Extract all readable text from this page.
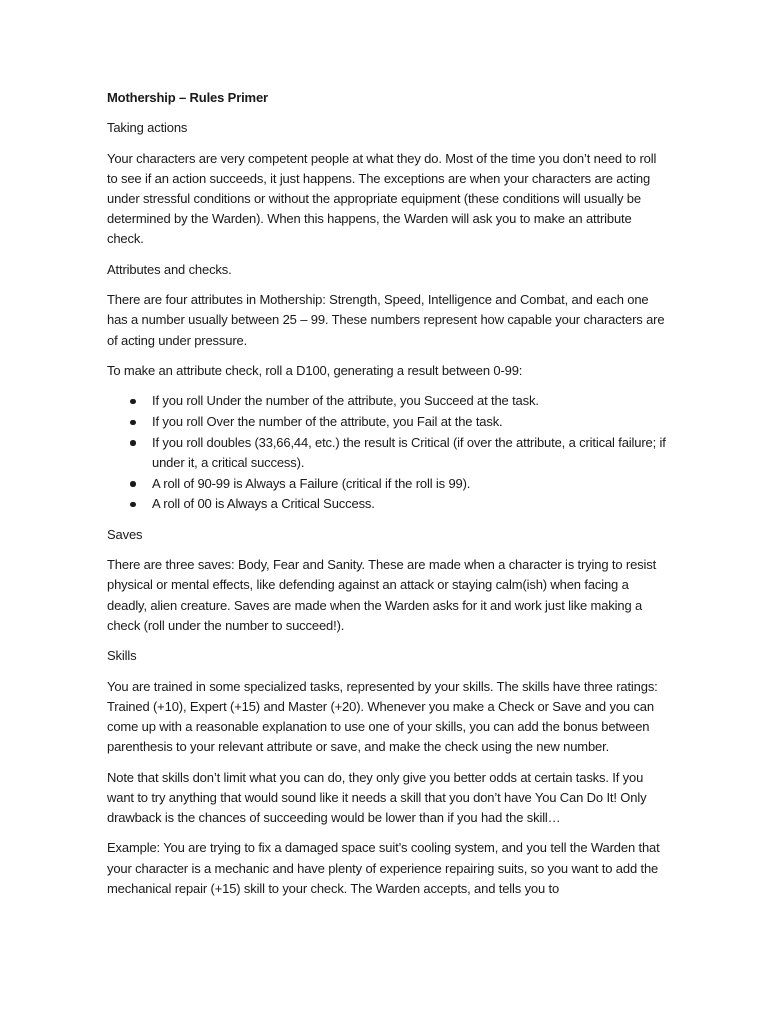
Mothership – Rules Primer

Taking actions

Your characters are very competent people at what they do. Most of the time you don’t need to roll to see if an action succeeds, it just happens. The exceptions are when your characters are acting under stressful conditions or without the appropriate equipment (these conditions will usually be determined by the Warden). When this happens, the Warden will ask you to make an attribute check.

Attributes and checks.

There are four attributes in Mothership: Strength, Speed, Intelligence and Combat, and each one has a number usually between 25 – 99. These numbers represent how capable your characters are of acting under pressure.

To make an attribute check, roll a D100, generating a result between 0-99:

If you roll Under the number of the attribute, you Succeed at the task.
If you roll Over the number of the attribute, you Fail at the task.
If you roll doubles (33,66,44, etc.) the result is Critical (if over the attribute, a critical failure; if under it, a critical success).
A roll of 90-99 is Always a Failure (critical if the roll is 99).
A roll of 00 is Always a Critical Success.

Saves

There are three saves: Body, Fear and Sanity. These are made when a character is trying to resist physical or mental effects, like defending against an attack or staying calm(ish) when facing a deadly, alien creature. Saves are made when the Warden asks for it and work just like making a check (roll under the number to succeed!).

Skills

You are trained in some specialized tasks, represented by your skills. The skills have three ratings: Trained (+10), Expert (+15) and Master (+20). Whenever you make a Check or Save and you can come up with a reasonable explanation to use one of your skills, you can add the bonus between parenthesis to your relevant attribute or save, and make the check using the new number.

Note that skills don’t limit what you can do, they only give you better odds at certain tasks. If you want to try anything that would sound like it needs a skill that you don’t have You Can Do It! Only drawback is the chances of succeeding would be lower than if you had the skill…

Example: You are trying to fix a damaged space suit’s cooling system, and you tell the Warden that your character is a mechanic and have plenty of experience repairing suits, so you want to add the mechanical repair (+15) skill to your check. The Warden accepts, and tells you to
